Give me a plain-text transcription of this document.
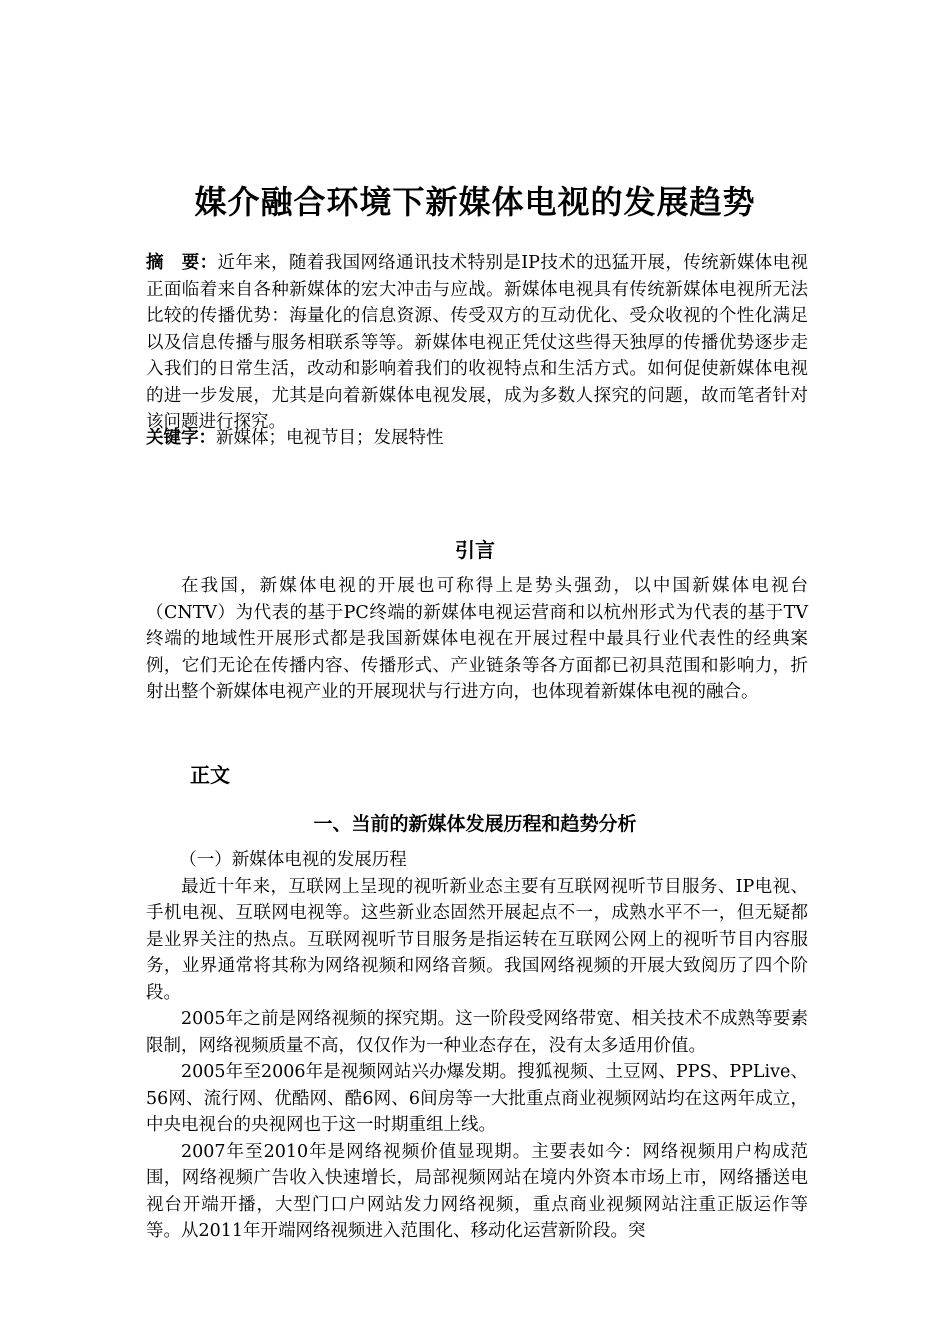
媒介融合环境下新媒体电视的发展趋势
摘　要：近年来，随着我国网络通讯技术特别是IP技术的迅猛开展，传统新媒体电视正面临着来自各种新媒体的宏大冲击与应战。新媒体电视具有传统新媒体电视所无法比较的传播优势：海量化的信息资源、传受双方的互动优化、受众收视的个性化满足以及信息传播与服务相联系等等。新媒体电视正凭仗这些得天独厚的传播优势逐步走入我们的日常生活，改动和影响着我们的收视特点和生活方式。如何促使新媒体电视的进一步发展，尤其是向着新媒体电视发展，成为多数人探究的问题，故而笔者针对该问题进行探究。
关键字：新媒体；电视节目；发展特性
引言
在我国，新媒体电视的开展也可称得上是势头强劲，以中国新媒体电视台（CNTV）为代表的基于PC终端的新媒体电视运营商和以杭州形式为代表的基于TV终端的地域性开展形式都是我国新媒体电视在开展过程中最具行业代表性的经典案例，它们无论在传播内容、传播形式、产业链条等各方面都已初具范围和影响力，折射出整个新媒体电视产业的开展现状与行进方向，也体现着新媒体电视的融合。
正文
一、当前的新媒体发展历程和趋势分析

（一）新媒体电视的发展历程

最近十年来，互联网上呈现的视听新业态主要有互联网视听节目服务、IP电视、手机电视、互联网电视等。这些新业态固然开展起点不一，成熟水平不一，但无疑都是业界关注的热点。互联网视听节目服务是指运转在互联网公网上的视听节目内容服务，业界通常将其称为网络视频和网络音频。我国网络视频的开展大致阅历了四个阶段。

2005年之前是网络视频的探究期。这一阶段受网络带宽、相关技术不成熟等要素限制，网络视频质量不高，仅仅作为一种业态存在，没有太多适用价值。

2005年至2006年是视频网站兴办爆发期。搜狐视频、土豆网、PPS、PPLive、56网、流行网、优酷网、酷6网、6间房等一大批重点商业视频网站均在这两年成立，中央电视台的央视网也于这一时期重组上线。

2007年至2010年是网络视频价值显现期。主要表如今：网络视频用户构成范围，网络视频广告收入快速增长，局部视频网站在境内外资本市场上市，网络播送电视台开端开播，大型门口户网站发力网络视频，重点商业视频网站注重正版运作等等。从2011年开端网络视频进入范围化、移动化运营新阶段。突
